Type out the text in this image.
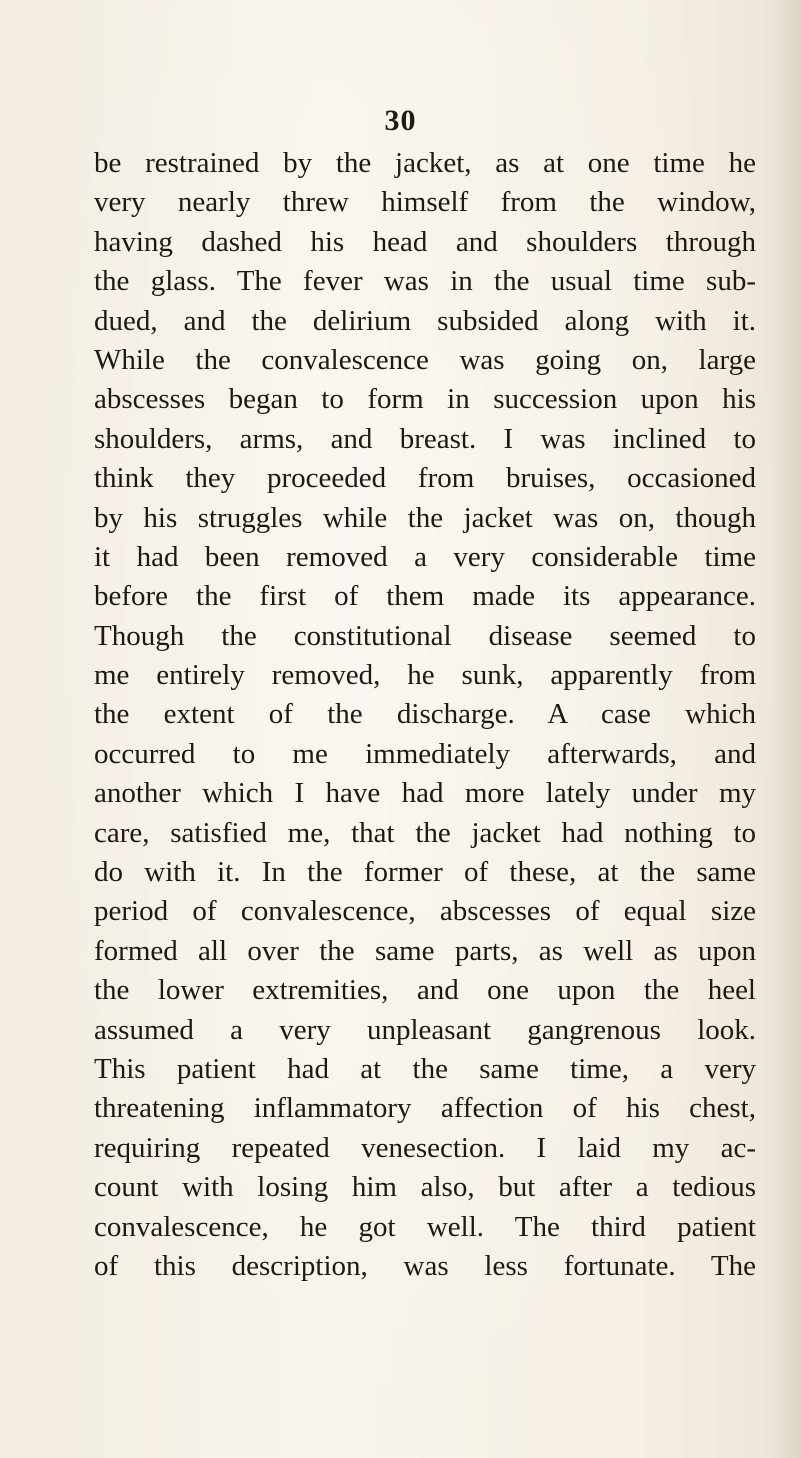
30
be restrained by the jacket, as at one time he
very nearly threw himself from the window,
having dashed his head and shoulders through
the glass. The fever was in the usual time sub-
dued, and the delirium subsided along with it.
While the convalescence was going on, large
abscesses began to form in succession upon his
shoulders, arms, and breast. I was inclined to
think they proceeded from bruises, occasioned
by his struggles while the jacket was on, though
it had been removed a very considerable time
before the first of them made its appearance.
Though the constitutional disease seemed to
me entirely removed, he sunk, apparently from
the extent of the discharge. A case which
occurred to me immediately afterwards, and
another which I have had more lately under my
care, satisfied me, that the jacket had nothing to
do with it. In the former of these, at the same
period of convalescence, abscesses of equal size
formed all over the same parts, as well as upon
the lower extremities, and one upon the heel
assumed a very unpleasant gangrenous look.
This patient had at the same time, a very
threatening inflammatory affection of his chest,
requiring repeated venesection. I laid my ac-
count with losing him also, but after a tedious
convalescence, he got well. The third patient
of this description, was less fortunate. The
